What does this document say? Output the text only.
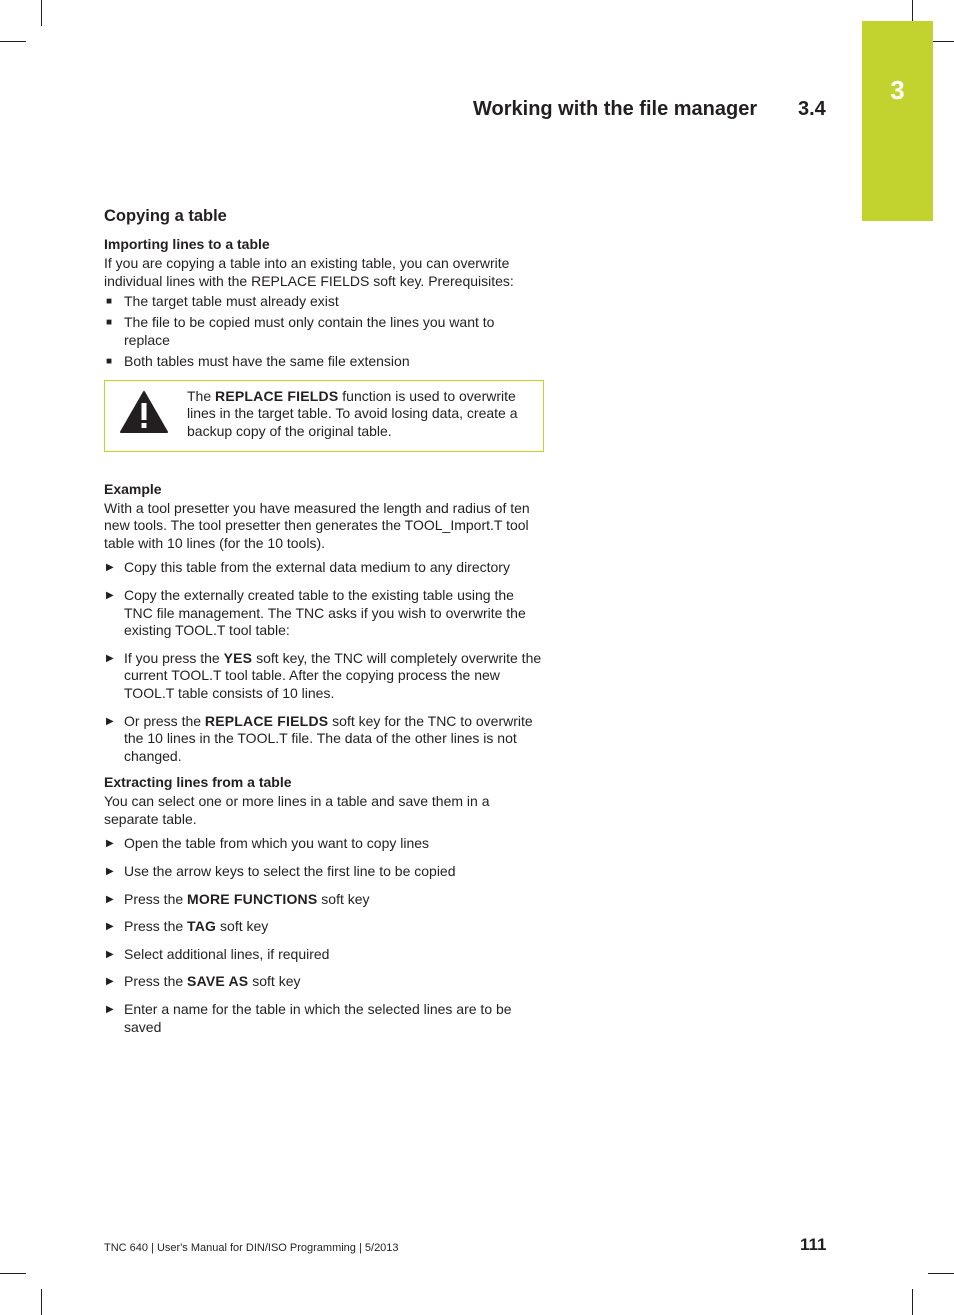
3
Working with the file manager 3.4
Copying a table
Importing lines to a table

If you are copying a table into an existing table, you can overwrite individual lines with the REPLACE FIELDS soft key. Prerequisites:

■ The target table must already exist
■ The file to be copied must only contain the lines you want to replace
■ Both tables must have the same file extension
The REPLACE FIELDS function is used to overwrite lines in the target table. To avoid losing data, create a backup copy of the original table.
Example

With a tool presetter you have measured the length and radius of ten new tools. The tool presetter then generates the TOOL_Import.T tool table with 10 lines (for the 10 tools).

▶ Copy this table from the external data medium to any directory
▶ Copy the externally created table to the existing table using the TNC file management. The TNC asks if you wish to overwrite the existing TOOL.T tool table:
▶ If you press the YES soft key, the TNC will completely overwrite the current TOOL.T tool table. After the copying process the new TOOL.T table consists of 10 lines.
▶ Or press the REPLACE FIELDS soft key for the TNC to overwrite the 10 lines in the TOOL.T file. The data of the other lines is not changed.
Extracting lines from a table

You can select one or more lines in a table and save them in a separate table.

▶ Open the table from which you want to copy lines
▶ Use the arrow keys to select the first line to be copied
▶ Press the MORE FUNCTIONS soft key
▶ Press the TAG soft key
▶ Select additional lines, if required
▶ Press the SAVE AS soft key
▶ Enter a name for the table in which the selected lines are to be saved
TNC 640 | User's Manual for DIN/ISO Programming | 5/2013	111
